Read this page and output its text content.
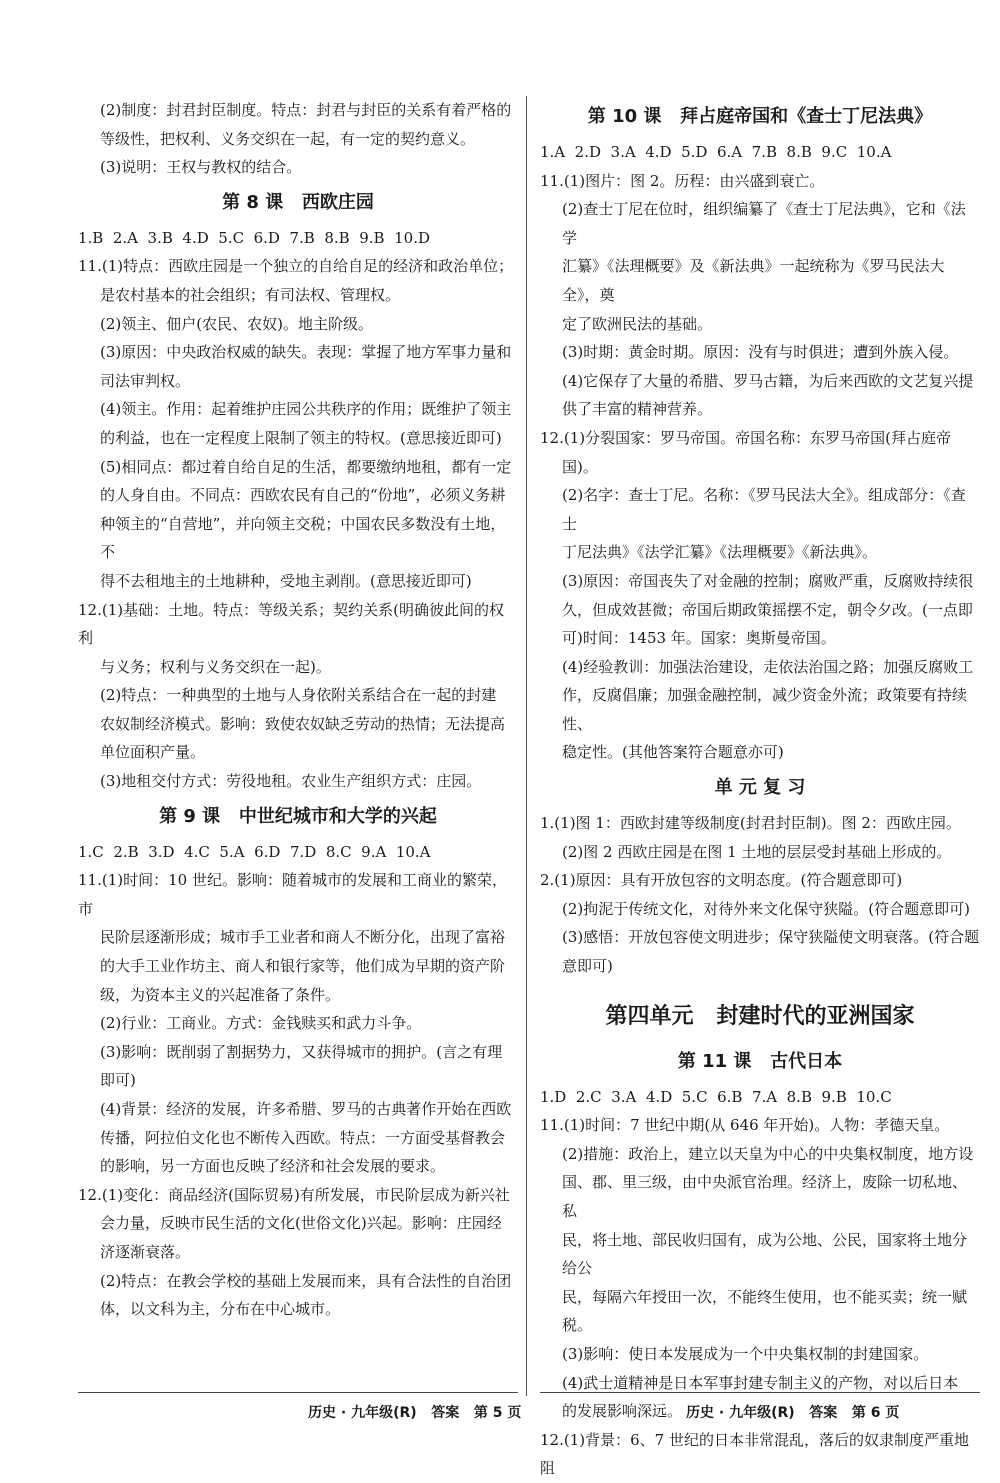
(2)制度：封君封臣制度。特点：封君与封臣的关系有着严格的
等级性，把权利、义务交织在一起，有一定的契约意义。
(3)说明：王权与教权的结合。
第 8 课   西欧庄园
1.B  2.A  3.B  4.D  5.C  6.D  7.B  8.B  9.B  10.D
11.(1)特点：西欧庄园是一个独立的自给自足的经济和政治单位；
是农村基本的社会组织；有司法权、管理权。
(2)领主、佃户(农民、农奴)。地主阶级。
(3)原因：中央政治权威的缺失。表现：掌握了地方军事力量和
司法审判权。
(4)领主。作用：起着维护庄园公共秩序的作用；既维护了领主
的利益，也在一定程度上限制了领主的特权。(意思接近即可)
(5)相同点：都过着自给自足的生活，都要缴纳地租，都有一定
的人身自由。不同点：西欧农民有自己的“份地”，必须义务耕
种领主的“自营地”，并向领主交税；中国农民多数没有土地，不
得不去租地主的土地耕种，受地主剥削。(意思接近即可)
12.(1)基础：土地。特点：等级关系；契约关系(明确彼此间的权利
与义务；权利与义务交织在一起)。
(2)特点：一种典型的土地与人身依附关系结合在一起的封建
农奴制经济模式。影响：致使农奴缺乏劳动的热情；无法提高
单位面积产量。
(3)地租交付方式：劳役地租。农业生产组织方式：庄园。
第 9 课   中世纪城市和大学的兴起
1.C  2.B  3.D  4.C  5.A  6.D  7.D  8.C  9.A  10.A
11.(1)时间：10 世纪。影响：随着城市的发展和工商业的繁荣，市
民阶层逐渐形成；城市手工业者和商人不断分化，出现了富裕
的大手工业作坊主、商人和银行家等，他们成为早期的资产阶
级，为资本主义的兴起准备了条件。
(2)行业：工商业。方式：金钱赎买和武力斗争。
(3)影响：既削弱了割据势力，又获得城市的拥护。(言之有理
即可)
(4)背景：经济的发展，许多希腊、罗马的古典著作开始在西欧
传播，阿拉伯文化也不断传入西欧。特点：一方面受基督教会
的影响，另一方面也反映了经济和社会发展的要求。
12.(1)变化：商品经济(国际贸易)有所发展，市民阶层成为新兴社
会力量，反映市民生活的文化(世俗文化)兴起。影响：庄园经
济逐渐衰落。
(2)特点：在教会学校的基础上发展而来，具有合法性的自治团
体，以文科为主，分布在中心城市。
第 10 课   拜占庭帝国和《查士丁尼法典》
1.A  2.D  3.A  4.D  5.D  6.A  7.B  8.B  9.C  10.A
11.(1)图片：图 2。历程：由兴盛到衰亡。
(2)查士丁尼在位时，组织编纂了《查士丁尼法典》，它和《法学
汇纂》《法理概要》及《新法典》一起统称为《罗马民法大全》，奠
定了欧洲民法的基础。
(3)时期：黄金时期。原因：没有与时俱进；遭到外族入侵。
(4)它保存了大量的希腊、罗马古籍，为后来西欧的文艺复兴提
供了丰富的精神营养。
12.(1)分裂国家：罗马帝国。帝国名称：东罗马帝国(拜占庭帝
国)。
(2)名字：查士丁尼。名称：《罗马民法大全》。组成部分：《查士
丁尼法典》《法学汇纂》《法理概要》《新法典》。
(3)原因：帝国丧失了对金融的控制；腐败严重，反腐败持续很
久，但成效甚微；帝国后期政策摇摆不定，朝令夕改。(一点即
可)时间：1453 年。国家：奥斯曼帝国。
(4)经验教训：加强法治建设，走依法治国之路；加强反腐败工
作，反腐倡廉；加强金融控制，减少资金外流；政策要有持续性、
稳定性。(其他答案符合题意亦可)
单 元 复 习
1.(1)图 1：西欧封建等级制度(封君封臣制)。图 2：西欧庄园。
(2)图 2 西欧庄园是在图 1 土地的层层受封基础上形成的。
2.(1)原因：具有开放包容的文明态度。(符合题意即可)
(2)拘泥于传统文化，对待外来文化保守狭隘。(符合题意即可)
(3)感悟：开放包容使文明进步；保守狭隘使文明衰落。(符合题
意即可)
第四单元   封建时代的亚洲国家
第 11 课   古代日本
1.D  2.C  3.A  4.D  5.C  6.B  7.A  8.B  9.B  10.C
11.(1)时间：7 世纪中期(从 646 年开始)。人物：孝德天皇。
(2)措施：政治上，建立以天皇为中心的中央集权制度，地方设
国、郡、里三级，由中央派官治理。经济上，废除一切私地、私
民，将土地、部民收归国有，成为公地、公民，国家将土地分给公
民，每隔六年授田一次，不能终生使用，也不能买卖；统一赋税。
(3)影响：使日本发展成为一个中央集权制的封建国家。
(4)武士道精神是日本军事封建专制主义的产物，对以后日本
的发展影响深远。
12.(1)背景：6、7 世纪的日本非常混乱，落后的奴隶制度严重地阻
历史 · 九年级(R)   答案   第 5 页	历史 · 九年级(R)   答案   第 6 页
